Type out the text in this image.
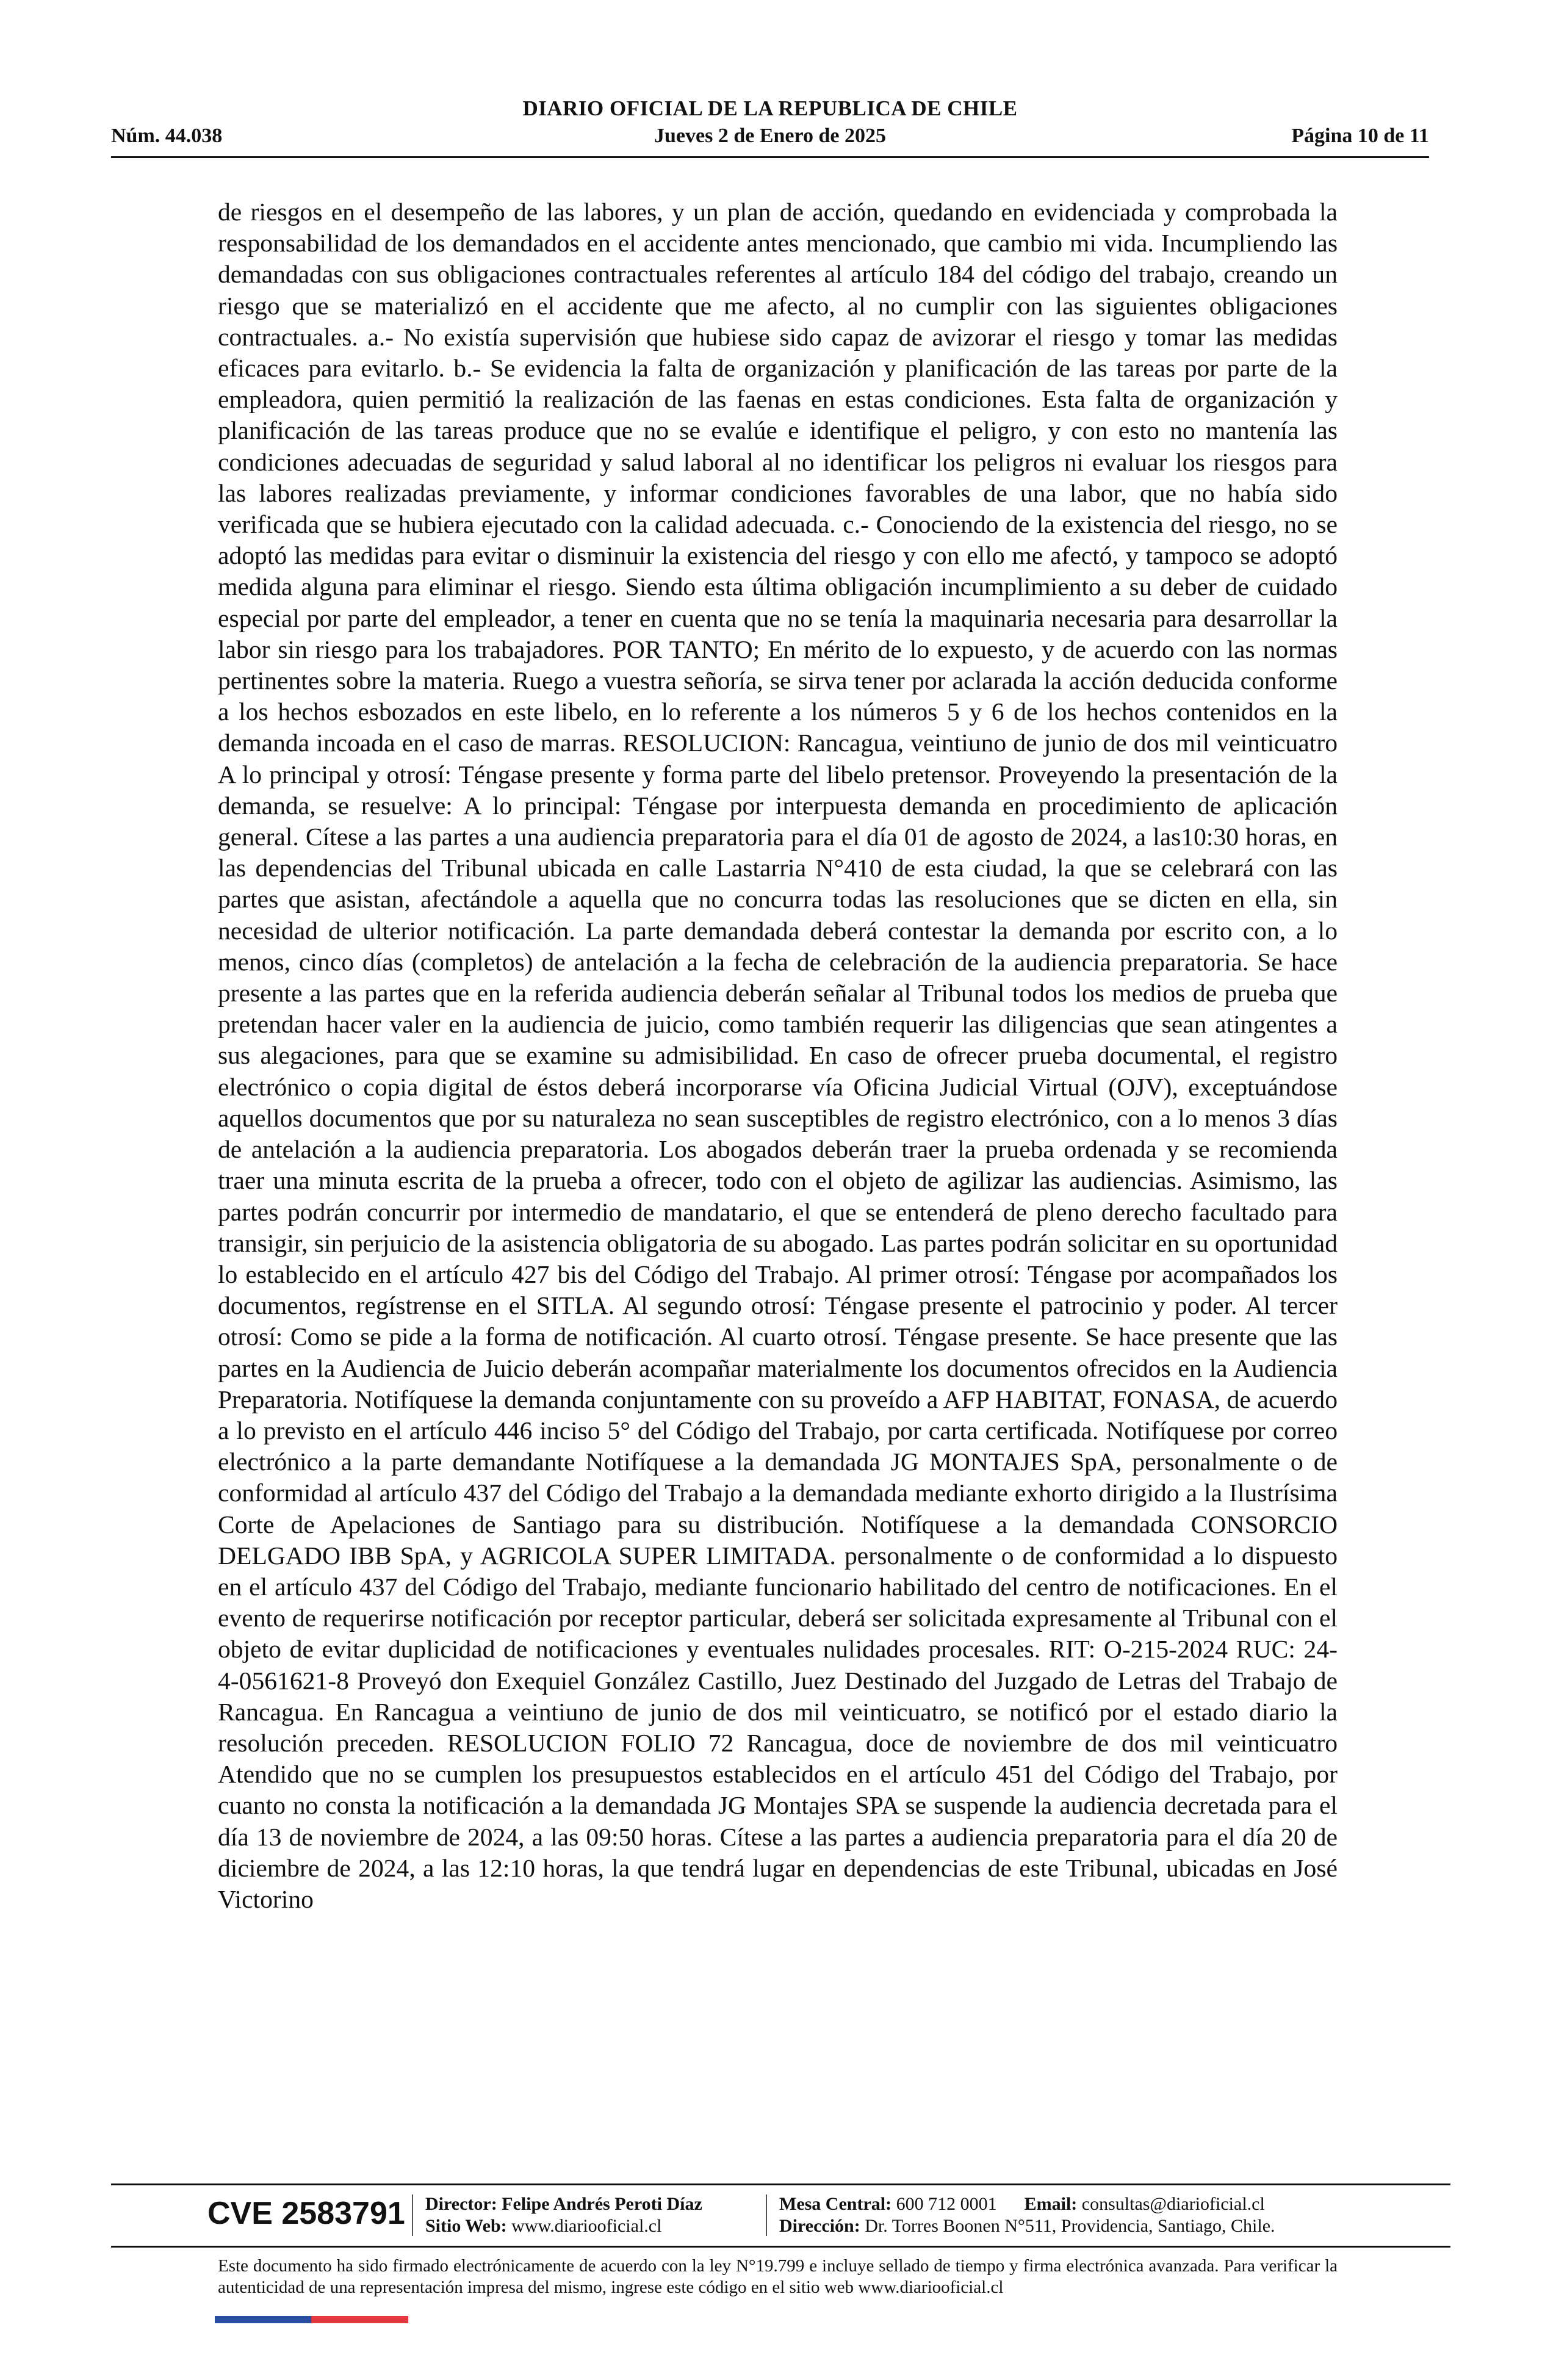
DIARIO OFICIAL DE LA REPUBLICA DE CHILE
Núm. 44.038	Jueves 2 de Enero de 2025	Página 10 de 11

de riesgos en el desempeño de las labores, y un plan de acción, quedando en evidenciada y comprobada la responsabilidad de los demandados en el accidente antes mencionado, que cambio mi vida. Incumpliendo las demandadas con sus obligaciones contractuales referentes al artículo 184 del código del trabajo, creando un riesgo que se materializó en el accidente que me afecto, al no cumplir con las siguientes obligaciones contractuales. a.- No existía supervisión que hubiese sido capaz de avizorar el riesgo y tomar las medidas eficaces para evitarlo. b.- Se evidencia la falta de organización y planificación de las tareas por parte de la empleadora, quien permitió la realización de las faenas en estas condiciones. Esta falta de organización y planificación de las tareas produce que no se evalúe e identifique el peligro, y con esto no mantenía las condiciones adecuadas de seguridad y salud laboral al no identificar los peligros ni evaluar los riesgos para las labores realizadas previamente, y informar condiciones favorables de una labor, que no había sido verificada que se hubiera ejecutado con la calidad adecuada. c.- Conociendo de la existencia del riesgo, no se adoptó las medidas para evitar o disminuir la existencia del riesgo y con ello me afectó, y tampoco se adoptó medida alguna para eliminar el riesgo. Siendo esta última obligación incumplimiento a su deber de cuidado especial por parte del empleador, a tener en cuenta que no se tenía la maquinaria necesaria para desarrollar la labor sin riesgo para los trabajadores. POR TANTO; En mérito de lo expuesto, y de acuerdo con las normas pertinentes sobre la materia. Ruego a vuestra señoría, se sirva tener por aclarada la acción deducida conforme a los hechos esbozados en este libelo, en lo referente a los números 5 y 6 de los hechos contenidos en la demanda incoada en el caso de marras. RESOLUCION: Rancagua, veintiuno de junio de dos mil veinticuatro A lo principal y otrosí: Téngase presente y forma parte del libelo pretensor. Proveyendo la presentación de la demanda, se resuelve: A lo principal: Téngase por interpuesta demanda en procedimiento de aplicación general. Cítese a las partes a una audiencia preparatoria para el día 01 de agosto de 2024, a las10:30 horas, en las dependencias del Tribunal ubicada en calle Lastarria N°410 de esta ciudad, la que se celebrará con las partes que asistan, afectándole a aquella que no concurra todas las resoluciones que se dicten en ella, sin necesidad de ulterior notificación. La parte demandada deberá contestar la demanda por escrito con, a lo menos, cinco días (completos) de antelación a la fecha de celebración de la audiencia preparatoria. Se hace presente a las partes que en la referida audiencia deberán señalar al Tribunal todos los medios de prueba que pretendan hacer valer en la audiencia de juicio, como también requerir las diligencias que sean atingentes a sus alegaciones, para que se examine su admisibilidad. En caso de ofrecer prueba documental, el registro electrónico o copia digital de éstos deberá incorporarse vía Oficina Judicial Virtual (OJV), exceptuándose aquellos documentos que por su naturaleza no sean susceptibles de registro electrónico, con a lo menos 3 días de antelación a la audiencia preparatoria. Los abogados deberán traer la prueba ordenada y se recomienda traer una minuta escrita de la prueba a ofrecer, todo con el objeto de agilizar las audiencias. Asimismo, las partes podrán concurrir por intermedio de mandatario, el que se entenderá de pleno derecho facultado para transigir, sin perjuicio de la asistencia obligatoria de su abogado. Las partes podrán solicitar en su oportunidad lo establecido en el artículo 427 bis del Código del Trabajo. Al primer otrosí: Téngase por acompañados los documentos, regístrense en el SITLA. Al segundo otrosí: Téngase presente el patrocinio y poder. Al tercer otrosí: Como se pide a la forma de notificación. Al cuarto otrosí. Téngase presente. Se hace presente que las partes en la Audiencia de Juicio deberán acompañar materialmente los documentos ofrecidos en la Audiencia Preparatoria. Notifíquese la demanda conjuntamente con su proveído a AFP HABITAT, FONASA, de acuerdo a lo previsto en el artículo 446 inciso 5° del Código del Trabajo, por carta certificada. Notifíquese por correo electrónico a la parte demandante Notifíquese a la demandada JG MONTAJES SpA, personalmente o de conformidad al artículo 437 del Código del Trabajo a la demandada mediante exhorto dirigido a la Ilustrísima Corte de Apelaciones de Santiago para su distribución. Notifíquese a la demandada CONSORCIO DELGADO IBB SpA, y AGRICOLA SUPER LIMITADA. personalmente o de conformidad a lo dispuesto en el artículo 437 del Código del Trabajo, mediante funcionario habilitado del centro de notificaciones. En el evento de requerirse notificación por receptor particular, deberá ser solicitada expresamente al Tribunal con el objeto de evitar duplicidad de notificaciones y eventuales nulidades procesales. RIT: O-215-2024 RUC: 24- 4-0561621-8 Proveyó don Exequiel González Castillo, Juez Destinado del Juzgado de Letras del Trabajo de Rancagua. En Rancagua a veintiuno de junio de dos mil veinticuatro, se notificó por el estado diario la resolución preceden. RESOLUCION FOLIO 72 Rancagua, doce de noviembre de dos mil veinticuatro Atendido que no se cumplen los presupuestos establecidos en el artículo 451 del Código del Trabajo, por cuanto no consta la notificación a la demandada JG Montajes SPA se suspende la audiencia decretada para el día 13 de noviembre de 2024, a las 09:50 horas. Cítese a las partes a audiencia preparatoria para el día 20 de diciembre de 2024, a las 12:10 horas, la que tendrá lugar en dependencias de este Tribunal, ubicadas en José Victorino

CVE 2583791 Director: Felipe Andrés Peroti Díaz
Sitio Web: www.diariooficial.cl
Mesa Central: 600 712 0001 Email: consultas@diarioficial.cl
Dirección: Dr. Torres Boonen N°511, Providencia, Santiago, Chile.
Este documento ha sido firmado electrónicamente de acuerdo con la ley N°19.799 e incluye sellado de tiempo y firma electrónica avanzada. Para verificar la autenticidad de una representación impresa del mismo, ingrese este código en el sitio web www.diariooficial.cl
